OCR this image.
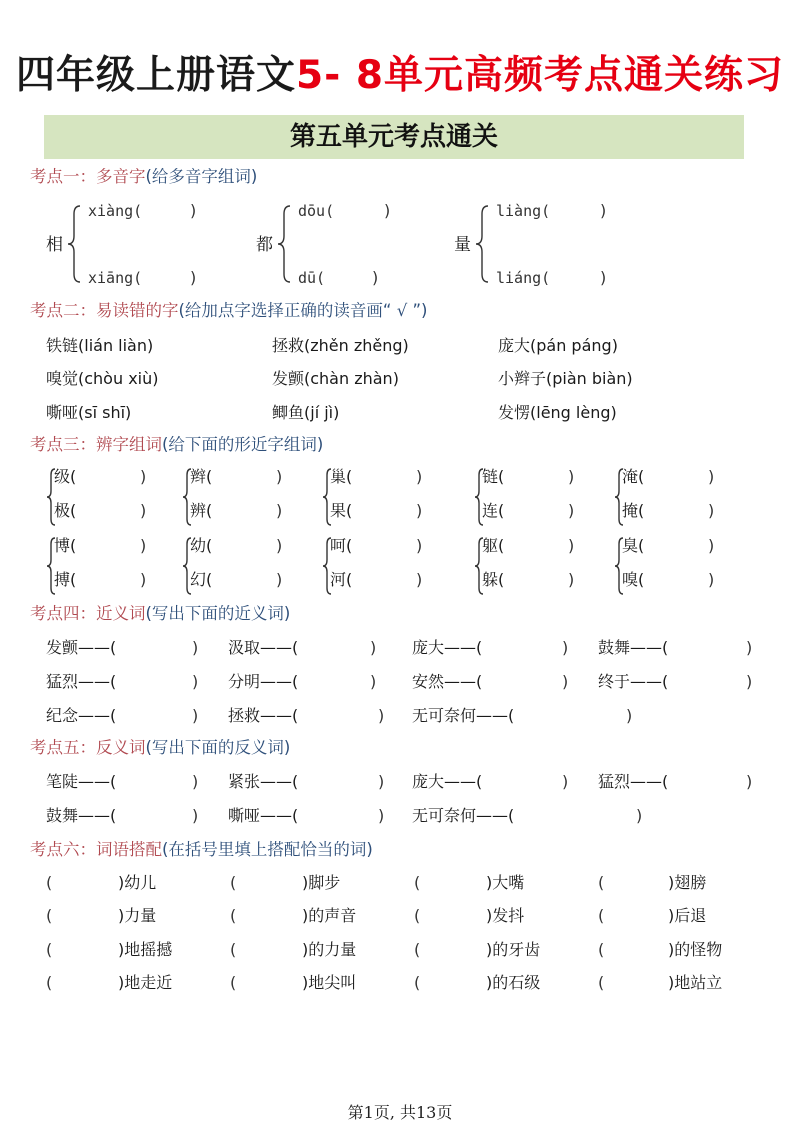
四年级上册语文5- 8单元高频考点通关练习
第五单元考点通关
考点一：多音字(给多音字组词)
相
xiàng(	)
xiāng(	)
都
dōu(	)
dū(	)
量
liàng(	)
liáng(	)
考点二：易读错的字(给加点字选择正确的读音画“ √ ”)
铁链(lián liàn)	拯救(zhěn zhěng)	庞大(pán páng)
嗅觉(chòu xiù)	发颤(chàn zhàn)	小辫子(piàn biàn)
嘶哑(sī shī)	鲫鱼(jí jì)	发愣(lēng lèng)
考点三：辨字组词(给下面的形近字组词)
级(	)
极(	)
辫(	)
辨(	)
巢(	)
果(	)
链(	)
连(	)
淹(	)
掩(	)
博(	)
搏(	)
幼(	)
幻(	)
呵(	)
河(	)
躯(	)
躲(	)
臭(	)
嗅(	)
考点四：近义词(写出下面的近义词)
发颤——(	) 汲取——(	) 庞大——(	) 鼓舞——(	)
猛烈——(	) 分明——(	) 安然——(	) 终于——(	)
纪念——(	) 拯救——(	) 无可奈何——(	)
考点五：反义词(写出下面的反义词)
笔陡——(	) 紧张——(	) 庞大——(	) 猛烈——(	)
鼓舞——(	) 嘶哑——(	) 无可奈何——(	)
考点六：词语搭配(在括号里填上搭配恰当的词)
(	)幼儿	(	)脚步	(	)大嘴	(	)翅膀
(	)力量	(	)的声音	(	)发抖	(	)后退
(	)地摇撼	(	)的力量	(	)的牙齿	(	)的怪物
(	)地走近	(	)地尖叫	(	)的石级	(	)地站立
第1页, 共13页
